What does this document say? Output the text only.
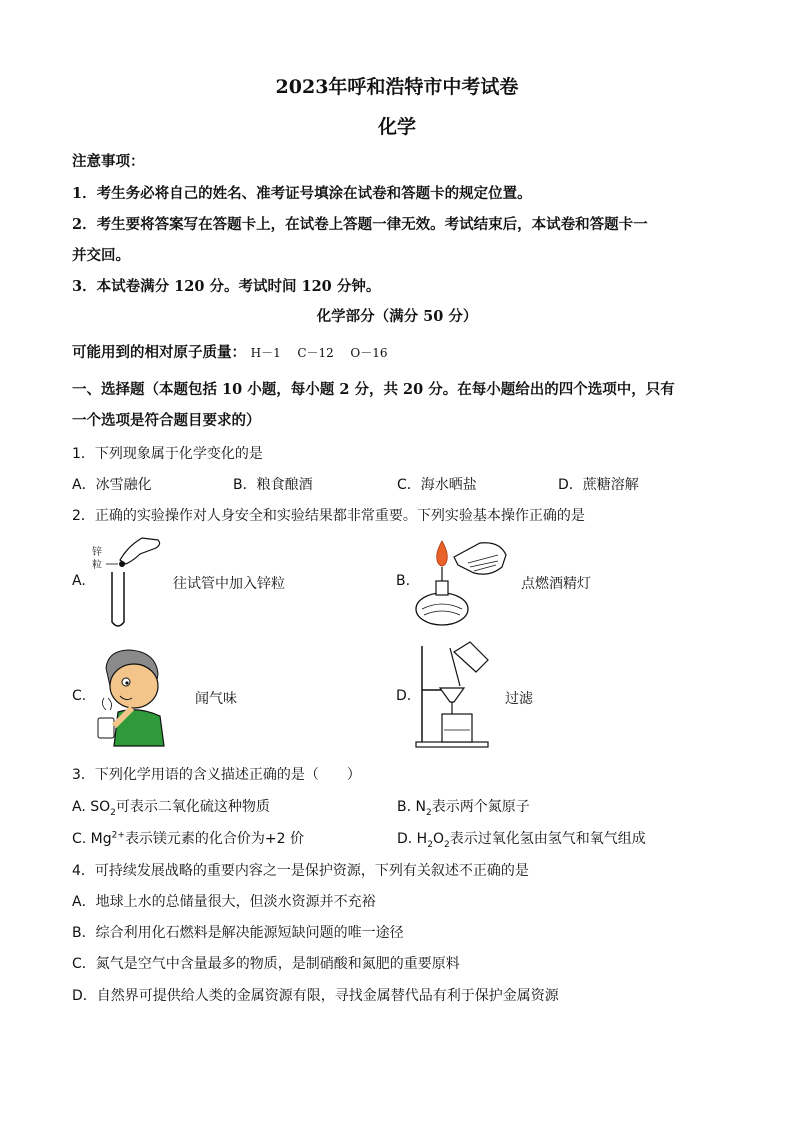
2023年呼和浩特市中考试卷
化学
注意事项：
1．考生务必将自己的姓名、准考证号填涂在试卷和答题卡的规定位置。
2．考生要将答案写在答题卡上，在试卷上答题一律无效。考试结束后，本试卷和答题卡一
并交回。
3．本试卷满分 120 分。考试时间 120 分钟。
化学部分（满分 50 分）
可能用到的相对原子质量： H－1 C－12 O－16
一、选择题（本题包括 10 小题，每小题 2 分，共 20 分。在每小题给出的四个选项中，只有
一个选项是符合题目要求的）
1．下列现象属于化学变化的是
A．冰雪融化	B．粮食酿酒	C．海水晒盐	D．蔗糖溶解
2．正确的实验操作对人身安全和实验结果都非常重要。下列实验基本操作正确的是
A.
锌
粒
往试管中加入锌粒	B.	点燃酒精灯
C.	闻气味	D.	过滤
3．下列化学用语的含义描述正确的是（　　）
A. $SO_2$可表示二氧化硫这种物质	B. $N_2$表示两个氮原子
C. $Mg^{2+}$表示镁元素的化合价为+2 价	D. $H_2O_2$表示过氧化氢由氢气和氧气组成
4．可持续发展战略的重要内容之一是保护资源，下列有关叙述不正确的是
A．地球上水的总储量很大，但淡水资源并不充裕
B．综合利用化石燃料是解决能源短缺问题的唯一途径
C．氮气是空气中含量最多的物质，是制硝酸和氮肥的重要原料
D．自然界可提供给人类的金属资源有限，寻找金属替代品有利于保护金属资源
